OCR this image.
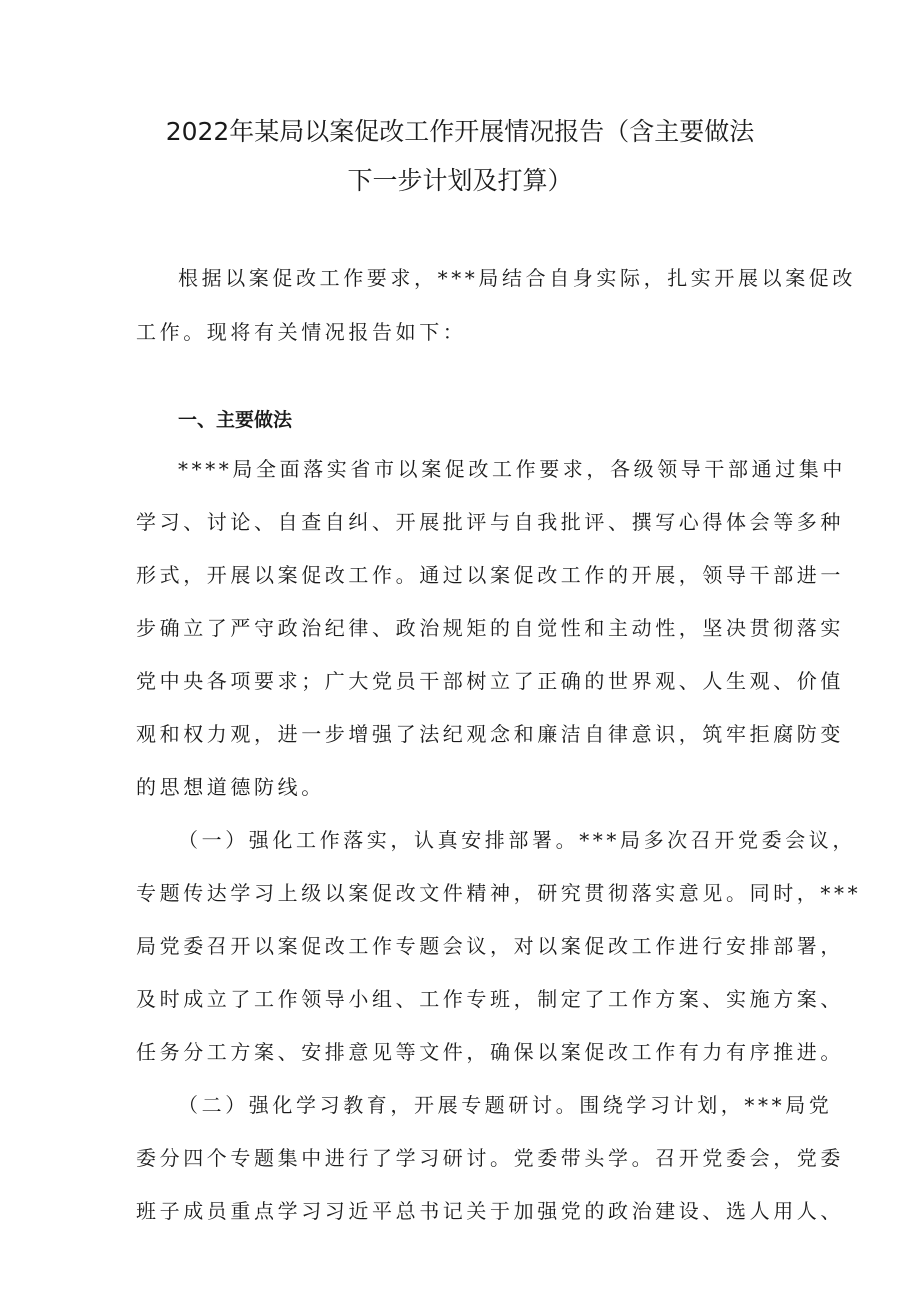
2022年某局以案促改工作开展情况报告（含主要做法
下一步计划及打算）
根据以案促改工作要求，***局结合自身实际，扎实开展以案促改
工作。现将有关情况报告如下：
一、主要做法
****局全面落实省市以案促改工作要求，各级领导干部通过集中
学习、讨论、自查自纠、开展批评与自我批评、撰写心得体会等多种
形式，开展以案促改工作。通过以案促改工作的开展，领导干部进一
步确立了严守政治纪律、政治规矩的自觉性和主动性，坚决贯彻落实
党中央各项要求；广大党员干部树立了正确的世界观、人生观、价值
观和权力观，进一步增强了法纪观念和廉洁自律意识，筑牢拒腐防变
的思想道德防线。
（一）强化工作落实，认真安排部署。***局多次召开党委会议，
专题传达学习上级以案促改文件精神，研究贯彻落实意见。同时，***
局党委召开以案促改工作专题会议，对以案促改工作进行安排部署，
及时成立了工作领导小组、工作专班，制定了工作方案、实施方案、
任务分工方案、安排意见等文件，确保以案促改工作有力有序推进。
（二）强化学习教育，开展专题研讨。围绕学习计划，***局党
委分四个专题集中进行了学习研讨。党委带头学。召开党委会，党委
班子成员重点学习习近平总书记关于加强党的政治建设、选人用人、
